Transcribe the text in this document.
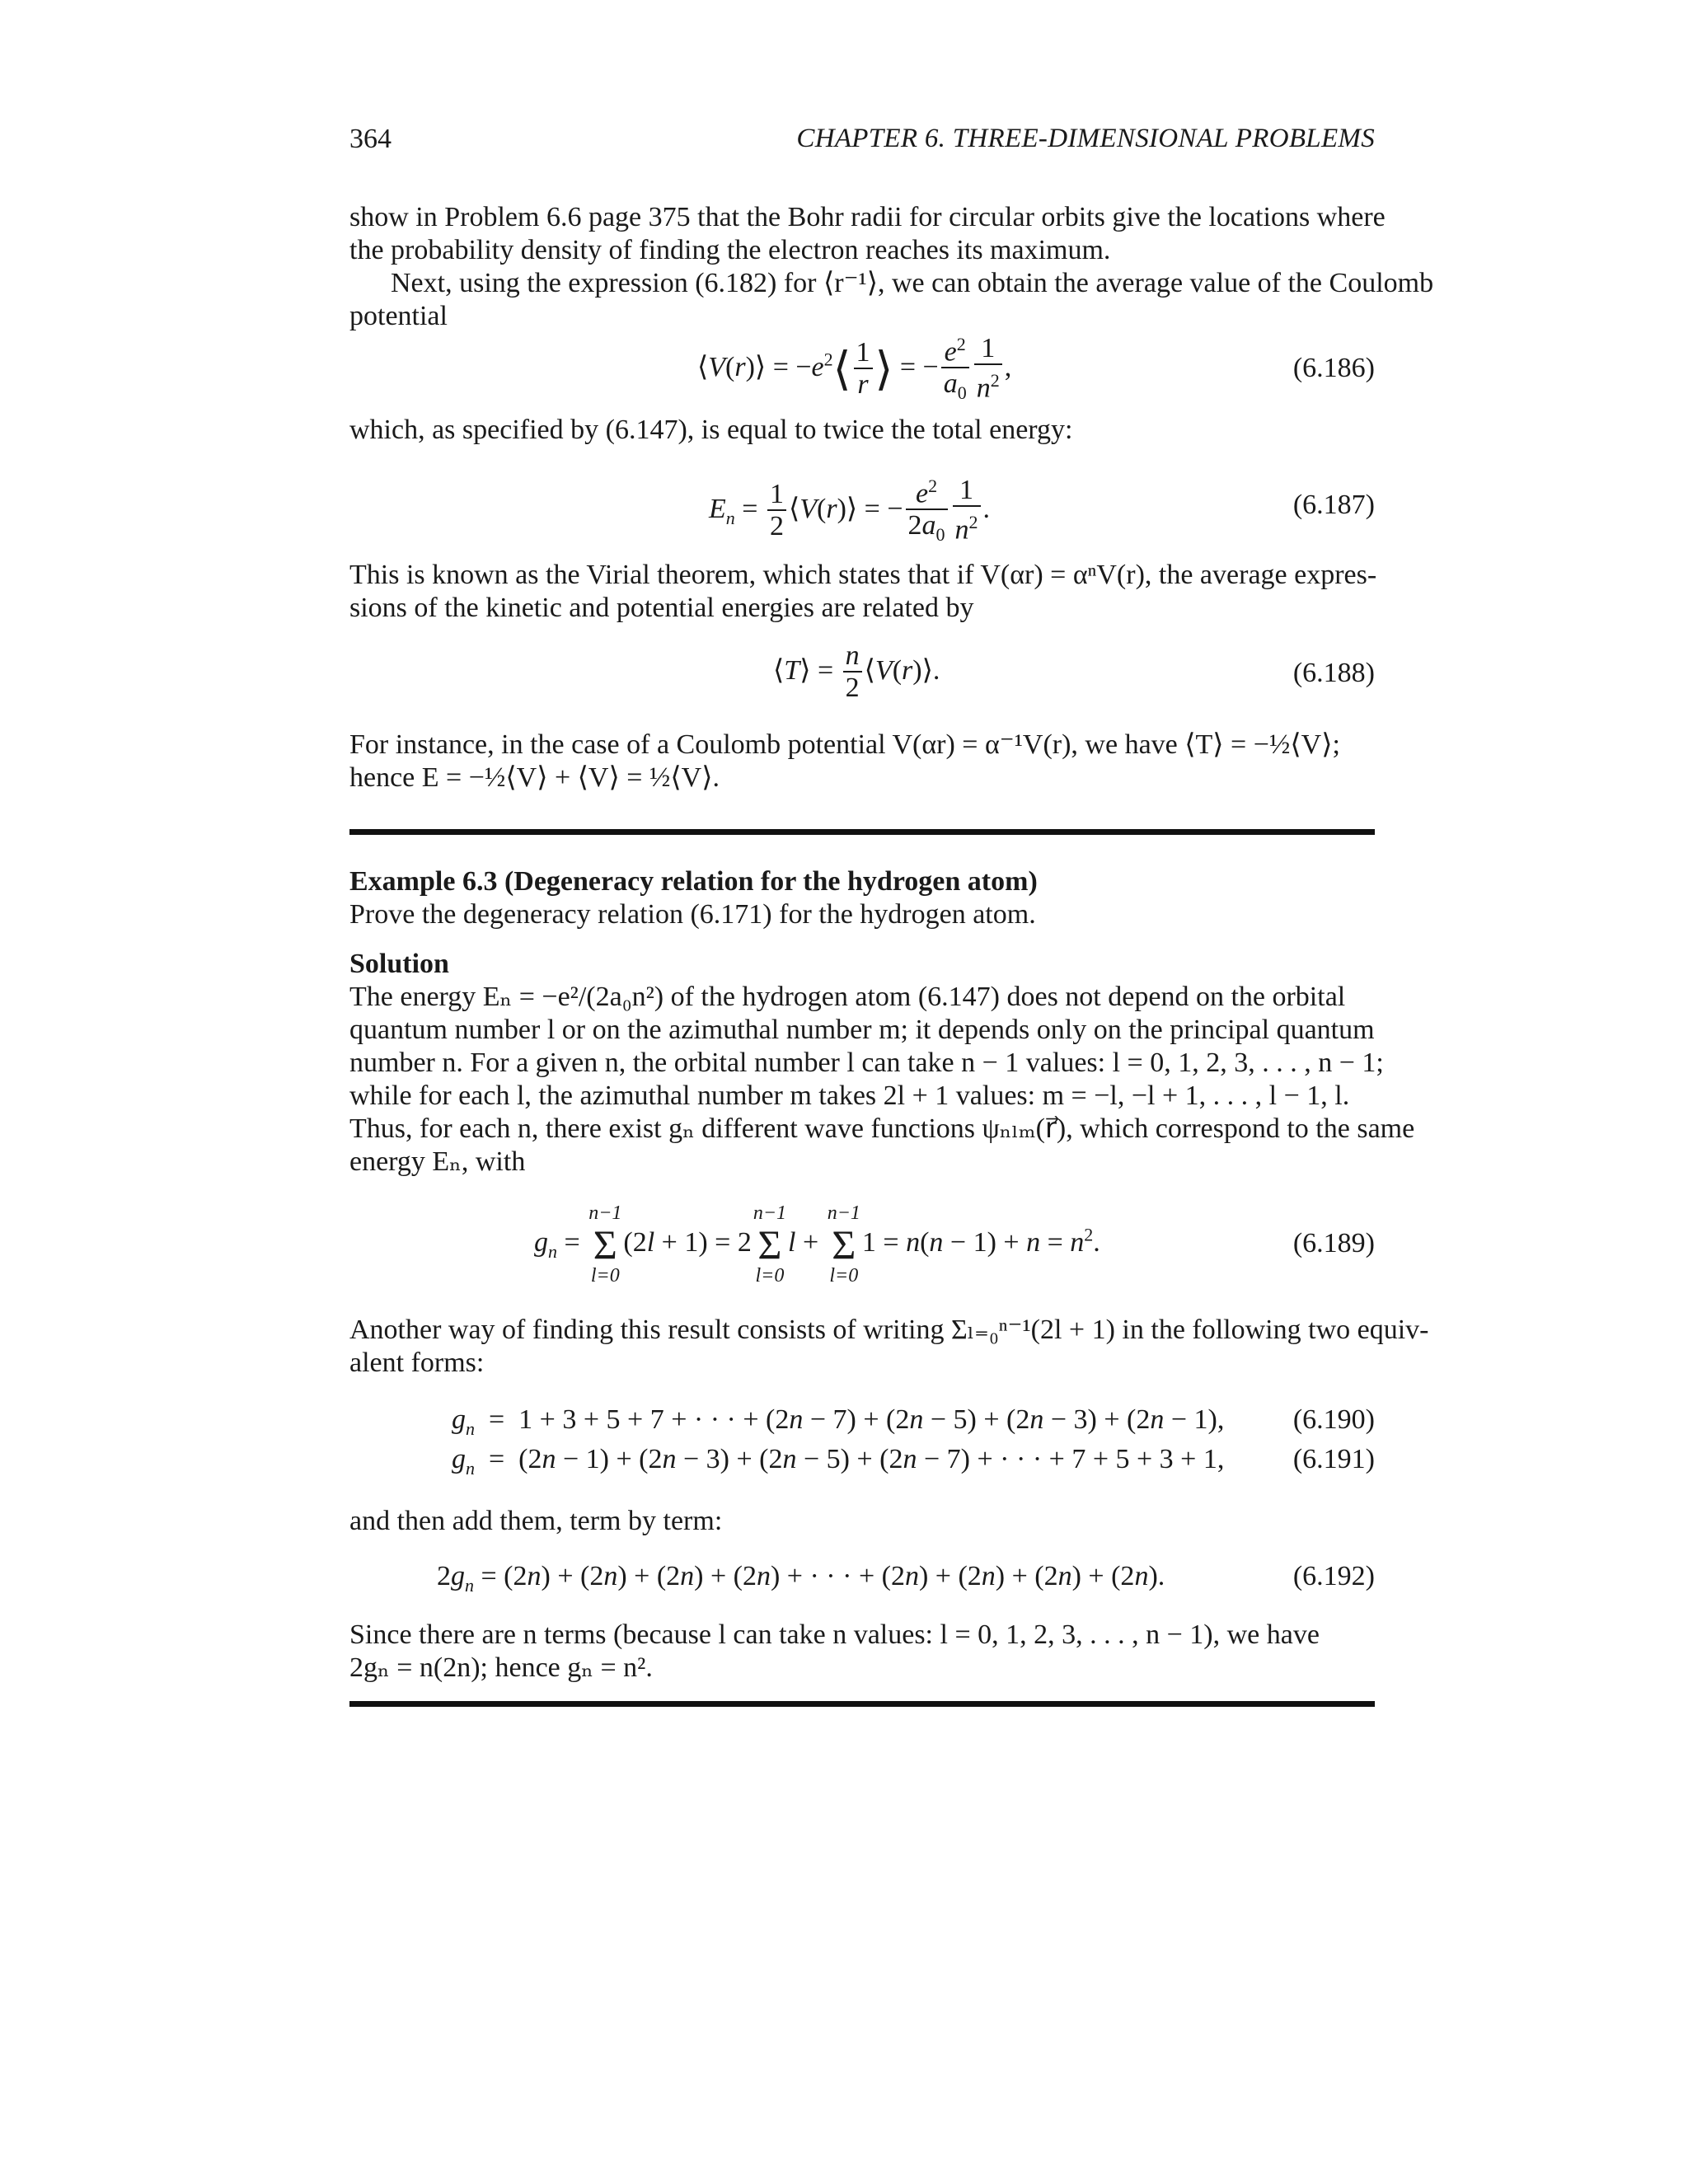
364	CHAPTER 6. THREE-DIMENSIONAL PROBLEMS
show in Problem 6.6 page 375 that the Bohr radii for circular orbits give the locations where
the probability density of finding the electron reaches its maximum.
Next, using the expression (6.182) for ⟨r⁻¹⟩, we can obtain the average value of the Coulomb
potential
⟨V(r)⟩ = $-e^2⟨ \frac{1}{r}$ ⟩ = − $\frac{e^2}{a_0} \frac{1}{n^2}$ ,	(6.186)
which, as specified by (6.147), is equal to twice the total energy:
$E_n = \frac{1}{2}$ ⟨V(r)⟩ = − $\frac{e^2}{2a_0} \frac{1}{n^2}$ .	(6.187)
This is known as the Virial theorem, which states that if V(αr) = αⁿV(r), the average expres-
sions of the kinetic and potential energies are related by
⟨T⟩ = $\frac{n}{2}$ ⟨V(r)⟩.	(6.188)
For instance, in the case of a Coulomb potential V(αr) = α⁻¹V(r), we have ⟨T⟩ = −½⟨V⟩;
hence E = −½⟨V⟩ + ⟨V⟩ = ½⟨V⟩.
Example 6.3 (Degeneracy relation for the hydrogen atom)
Prove the degeneracy relation (6.171) for the hydrogen atom.
Solution
The energy Eₙ = −e²/(2a₀n²) of the hydrogen atom (6.147) does not depend on the orbital
quantum number l or on the azimuthal number m; it depends only on the principal quantum
number n. For a given n, the orbital number l can take n − 1 values: l = 0, 1, 2, 3, . . . , n − 1;
while for each l, the azimuthal number m takes 2l + 1 values: m = −l, −l + 1, . . . , l − 1, l.
Thus, for each n, there exist gₙ different wave functions ψₙₗₘ(r⃗), which correspond to the same
energy Eₙ, with
$g_n$ =
n−1
Σ
l=0
(2l + 1) = 2
n−1
Σ
l=0
l +
n−1
Σ
l=0
$1 = n(n - 1) + n = n^2$.	(6.189)
Another way of finding this result consists of writing Σₗ₌₀ⁿ⁻¹(2l + 1) in the following two equiv-
alent forms:
$g_n = 1 + 3 + 5 + 7$ + · · · + (2n − 7) + (2n − 5) + (2n − 3) + (2n − 1), (6.190)
$g_n = (2n - 1) + (2n - 3) + (2n - 5) + (2n - 7)$ + · · · + 7 + 5 + 3 + 1, (6.191)
and then add them, term by term:
$2g_n = (2n) + (2n) + (2n) + (2n)$ + · · · + (2n) + (2n) + (2n) + (2n).	(6.192)
Since there are n terms (because l can take n values: l = 0, 1, 2, 3, . . . , n − 1), we have
2gₙ = n(2n); hence gₙ = n².
